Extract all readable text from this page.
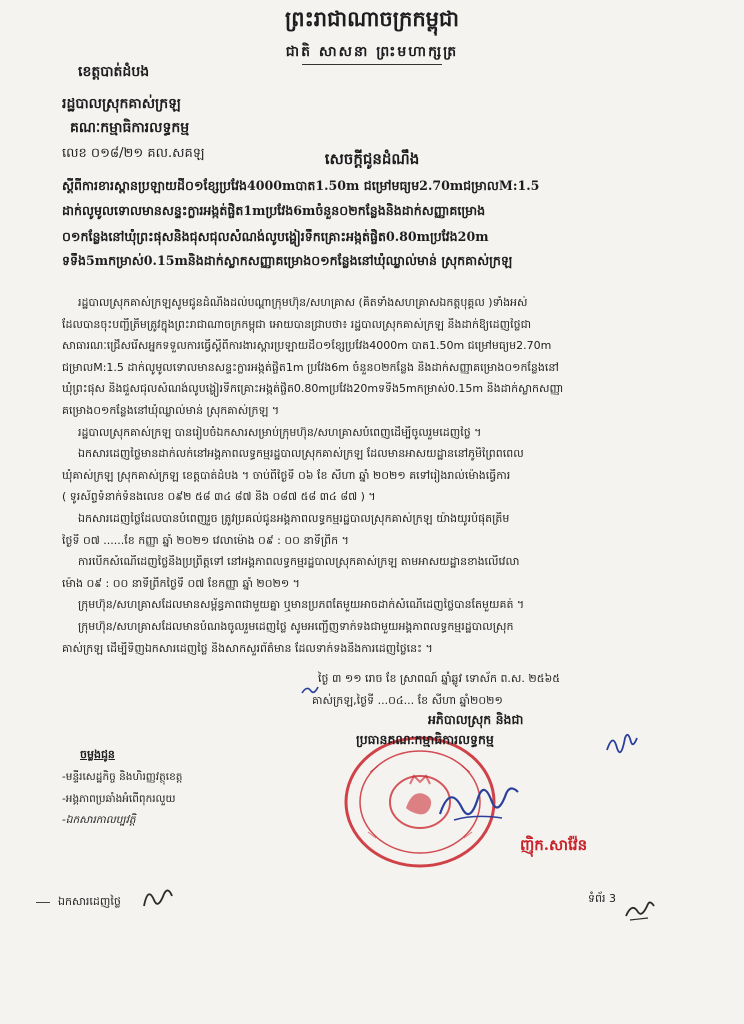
ព្រះរាជាណាចក្រកម្ពុជា
ជាតិ សាសនា ព្រះមហាក្សត្រ
ខេត្តបាត់ដំបង
រដ្ឋបាលស្រុកគាស់ក្រឡ
គណៈកម្មាធិការលទ្ធកម្ម
លេខ ០១៨/២១ គល.សគឡ	សេចក្តីជូនដំណឹង
ស្តីពីការខារស្ពានប្រឡាយដី០១ខ្សែប្រវែង4000mបាត1.50m ជម្រៅមធ្យម2.70mជម្រាលM:1.5
ដាក់លូមូលទោលមានសន្ទះក្លារអង្កត់ផ្ចិត1mប្រវែង6mចំនួន០២កន្លែងនិងដាក់សញ្ញាគម្រោង
០១កន្លែងនៅឃុំព្រះផុសនិងជុសជុលសំណង់លូបង្ហៀរទឹកគ្រោះអង្កត់ផ្ចិត0.80mប្រវែង20m
ទទឹង5mកម្រាស់0.15mនិងដាក់ស្លាកសញ្ញាគម្រោង០១កន្លែងនៅឃុំឈ្លាល់មាន់ ស្រុកគាស់ក្រឡ
រដ្ឋបាលស្រុកគាស់ក្រឡសូមជូនដំណឹងដល់បណ្តាក្រុមហ៊ុន/សហគ្រាស (គិតទាំងសហគ្រាសឯកត្តបុគ្គល )ទាំងអស់
ដែលបានចុះបញ្ជីត្រឹមត្រូវក្នុងព្រះរាជាណាចក្រកម្ពុជា អោយបានជ្រាបថា៖ រដ្ឋបាលស្រុកគាស់ក្រឡ នឹងដាក់ឱ្យដេញថ្លៃជា
សាធារណៈជ្រើសរើសអ្នកទទួលការធ្វើស្តីពីការងារស្តារប្រឡាយដី០១ខ្សែប្រវែង4000m បាត1.50m ជម្រៅមធ្យម2.70m
ជម្រាលM:1.5 ដាក់លូមូលទោលមានសន្ទះក្លារអង្កត់ផ្ចិត1m ប្រវែង6m ចំនួន០២កន្លែង និងដាក់សញ្ញាគម្រោង០១កន្លែងនៅ
ឃុំព្រះផុស និងជួសជុលសំណង់លូបង្ហៀរទឹកគ្រោះអង្កត់ផ្ចិត0.80mប្រវែង20mទទឹង5mកម្រាស់0.15m និងដាក់ស្លាកសញ្ញា
គម្រោង០១កន្លែងនៅឃុំឈ្លាល់មាន់ ស្រុកគាស់ក្រឡ ។
រដ្ឋបាលស្រុកគាស់ក្រឡ បានរៀបចំឯកសារសម្រាប់ក្រុមហ៊ុន/សហគ្រាសបំពេញដើម្បីចូលរួមដេញថ្លៃ ។
ឯកសារដេញថ្លៃមានដាក់លក់នៅអង្គភាពលទ្ធកម្មរដ្ឋបាលស្រុកគាស់ក្រឡ ដែលមានអាសយដ្ឋាននៅភូមិព្រៃពពេល
ឃុំគាស់ក្រឡ ស្រុកគាស់ក្រឡ ខេត្តបាត់ដំបង ។ ចាប់ពីថ្ងៃទី ០៦ ខែ សីហា ឆ្នាំ ២០២១ គទៅរៀងរាល់ម៉ោងធ្វើការ
( ទូរស័ព្ទទំនាក់ទំនងលេខ ០៩២ ៥៨ ៣៤ ៨៧ និង ០៨៧ ៥៨ ៣៤ ៨៧ ) ។
ឯកសារដេញថ្លៃដែលបានបំពេញរួច ត្រូវប្រគល់ជូនអង្គភាពលទ្ធកម្មរដ្ឋបាលស្រុកគាស់ក្រឡ យ៉ាងយូរបំផុតត្រឹម
ថ្ងៃទី ០៧ ......ខែ កញ្ញា ឆ្នាំ ២០២១ វេលាម៉ោង ០៩ : ០០ នាទីព្រឹក ។
ការបើកសំណើដេញថ្លៃនឹងប្រព្រឹត្តទៅ នៅអង្គភាពលទ្ធកម្មរដ្ឋបាលស្រុកគាស់ក្រឡ តាមអាសយដ្ឋានខាងលើវេលា
ម៉ោង ០៩ : ០០ នាទីព្រឹកថ្ងៃទី ០៧ ខែកញ្ញា ឆ្នាំ ២០២១ ។
ក្រុមហ៊ុន/សហគ្រាសដែលមានសម្ព័ន្ធភាពជាមួយគ្នា ឬមានប្រភពតែមួយអាចដាក់សំណើដេញថ្លៃបានតែមួយគត់ ។
ក្រុមហ៊ុន/សហគ្រាសដែលមានបំណងចូលរួមដេញថ្លៃ សូមអញ្ជើញទាក់ទងជាមួយអង្គភាពលទ្ធកម្មរដ្ឋបាលស្រុក
គាស់ក្រឡ ដើម្បីទិញឯកសារដេញថ្លៃ និងសាកសួរព័ត៌មាន ដែលទាក់ទងនឹងការដេញថ្លៃនេះ ។
ថ្ងៃ ៣ ១១ រោច ខែ ស្រាពណ៍ ឆ្នាំឆ្លូវ ទោស័ក ព.ស. ២៥៦៥
គាស់ក្រឡ,ថ្ងៃទី ...០៤... ខែ សីហា ឆ្នាំ២០២១
អភិបាលស្រុក និងជា
ប្រធានគណៈកម្មាធិការលទ្ធកម្ម
ញ៉ិក.សាវ៉ែន
ចម្លងជូន
-មន្ទីរសេដ្ឋកិច្ច និងហិរញ្ញវត្ថុខេត្ត
-អង្គភាពប្រឆាំងអំពើពុករលួយ
-ឯកសារកាលប្បវត្តិ
ឯកសារដេញថ្លៃ	ទំព័រ 3
